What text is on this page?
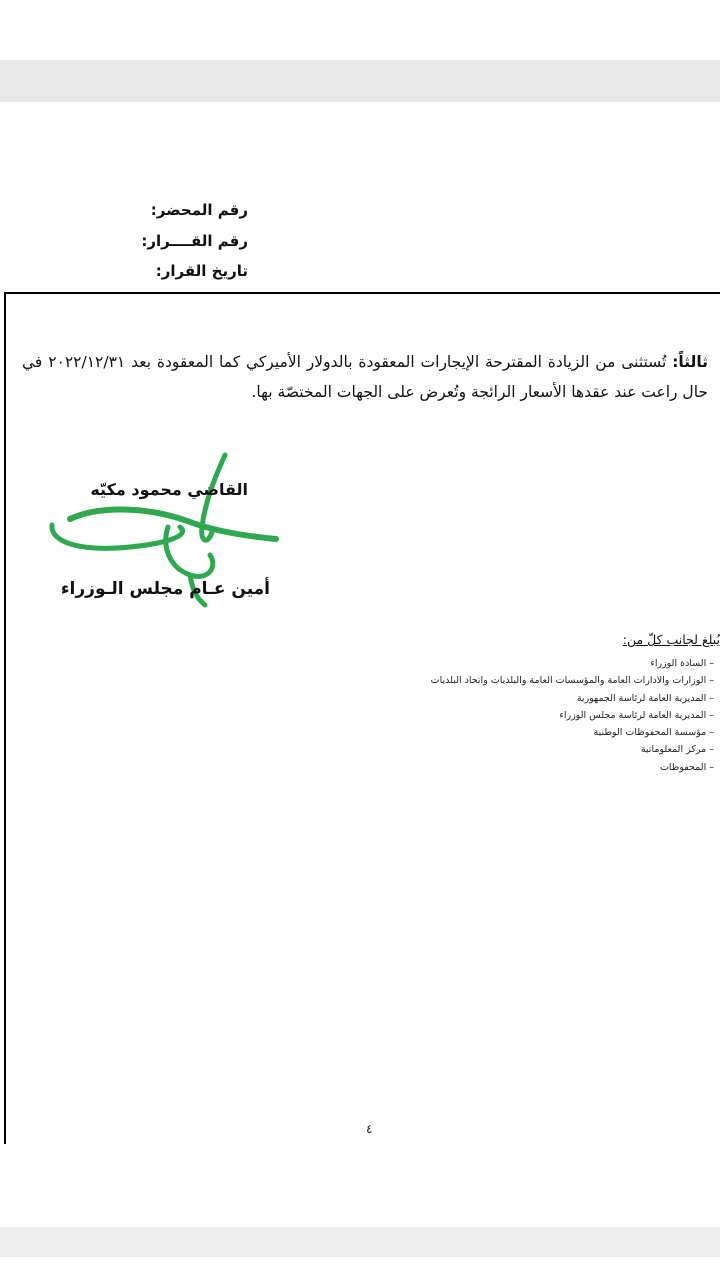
رقم المحضر:
رقم القــــرار:
تاريخ القرار:
ثالثاً: تُستثنى من الزيادة المقترحة الإيجارات المعقودة بالدولار الأميركي كما المعقودة بعد ٢٠٢٢/١٢/٣١ في حال راعت عند عقدها الأسعار الرائجة وتُعرض على الجهات المختصّة بها.
القاضي محمود مكيّه
أمين عـام مجلس الـوزراء
يُبلغ لجانب كلّ من:
– السادة الوزراء
– الوزارات والادارات العامة والمؤسسات العامة والبلديات واتحاد البلديات
– المديرية العامة لرئاسة الجمهورية
– المديرية العامة لرئاسة مجلس الوزراء
– مؤسسة المحفوظات الوطنية
– مركز المعلوماتية
– المحفوظات
٤
